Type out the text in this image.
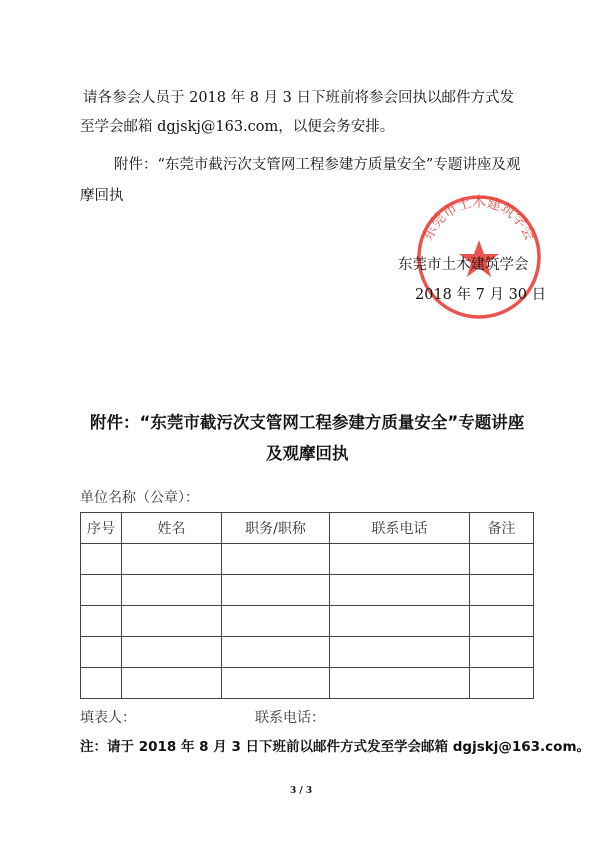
请各参会人员于 2018 年 8 月 3 日下班前将参会回执以邮件方式发
至学会邮箱 dgjskj@163.com，以便会务安排。
附件：“东莞市截污次支管网工程参建方质量安全”专题讲座及观
摩回执
东莞市土木建筑学会
东莞市土木建筑学会
2018 年 7 月 30 日
附件：“东莞市截污次支管网工程参建方质量安全”专题讲座
及观摩回执
单位名称（公章）：
序号	姓名	职务/职称	联系电话	备注

填表人：	联系电话：
注：请于 2018 年 8 月 3 日下班前以邮件方式发至学会邮箱 dgjskj@163.com。
3 / 3
